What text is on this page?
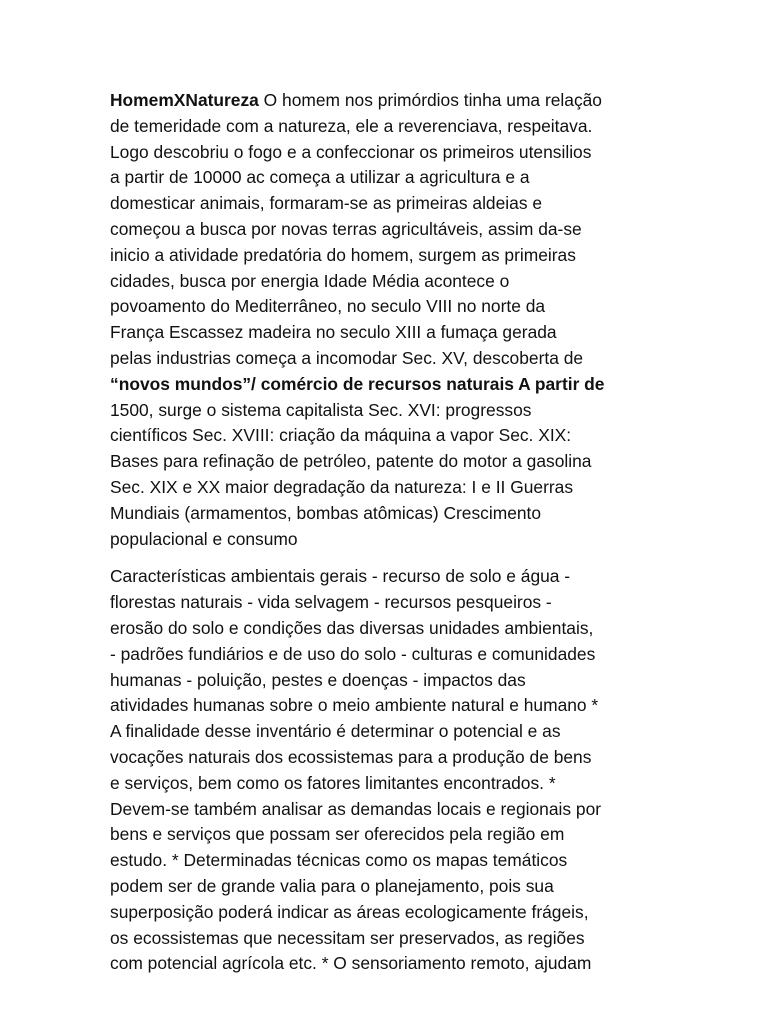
HomemXNatureza O homem nos primórdios tinha uma relação
de temeridade com a natureza, ele a reverenciava, respeitava.
Logo descobriu o fogo e a confeccionar os primeiros utensilios
a partir de 10000 ac começa a utilizar a agricultura e a
domesticar animais, formaram-se as primeiras aldeias e
começou a busca por novas terras agricultáveis, assim da-se
inicio a atividade predatória do homem, surgem as primeiras
cidades, busca por energia Idade Média acontece o
povoamento do Mediterrâneo, no seculo VIII no norte da
França Escassez madeira no seculo XIII a fumaça gerada
pelas industrias começa a incomodar Sec. XV, descoberta de
“novos mundos”/ comércio de recursos naturais A partir de
1500, surge o sistema capitalista Sec. XVI: progressos
científicos Sec. XVIII: criação da máquina a vapor Sec. XIX:
Bases para refinação de petróleo, patente do motor a gasolina
Sec. XIX e XX maior degradação da natureza: I e II Guerras
Mundiais (armamentos, bombas atômicas) Crescimento
populacional e consumo

Características ambientais gerais - recurso de solo e água -
florestas naturais - vida selvagem - recursos pesqueiros -
erosão do solo e condições das diversas unidades ambientais,
- padrões fundiários e de uso do solo - culturas e comunidades
humanas - poluição, pestes e doenças - impactos das
atividades humanas sobre o meio ambiente natural e humano *
A finalidade desse inventário é determinar o potencial e as
vocações naturais dos ecossistemas para a produção de bens
e serviços, bem como os fatores limitantes encontrados. *
Devem-se também analisar as demandas locais e regionais por
bens e serviços que possam ser oferecidos pela região em
estudo. * Determinadas técnicas como os mapas temáticos
podem ser de grande valia para o planejamento, pois sua
superposição poderá indicar as áreas ecologicamente frágeis,
os ecossistemas que necessitam ser preservados, as regiões
com potencial agrícola etc. * O sensoriamento remoto, ajudam
